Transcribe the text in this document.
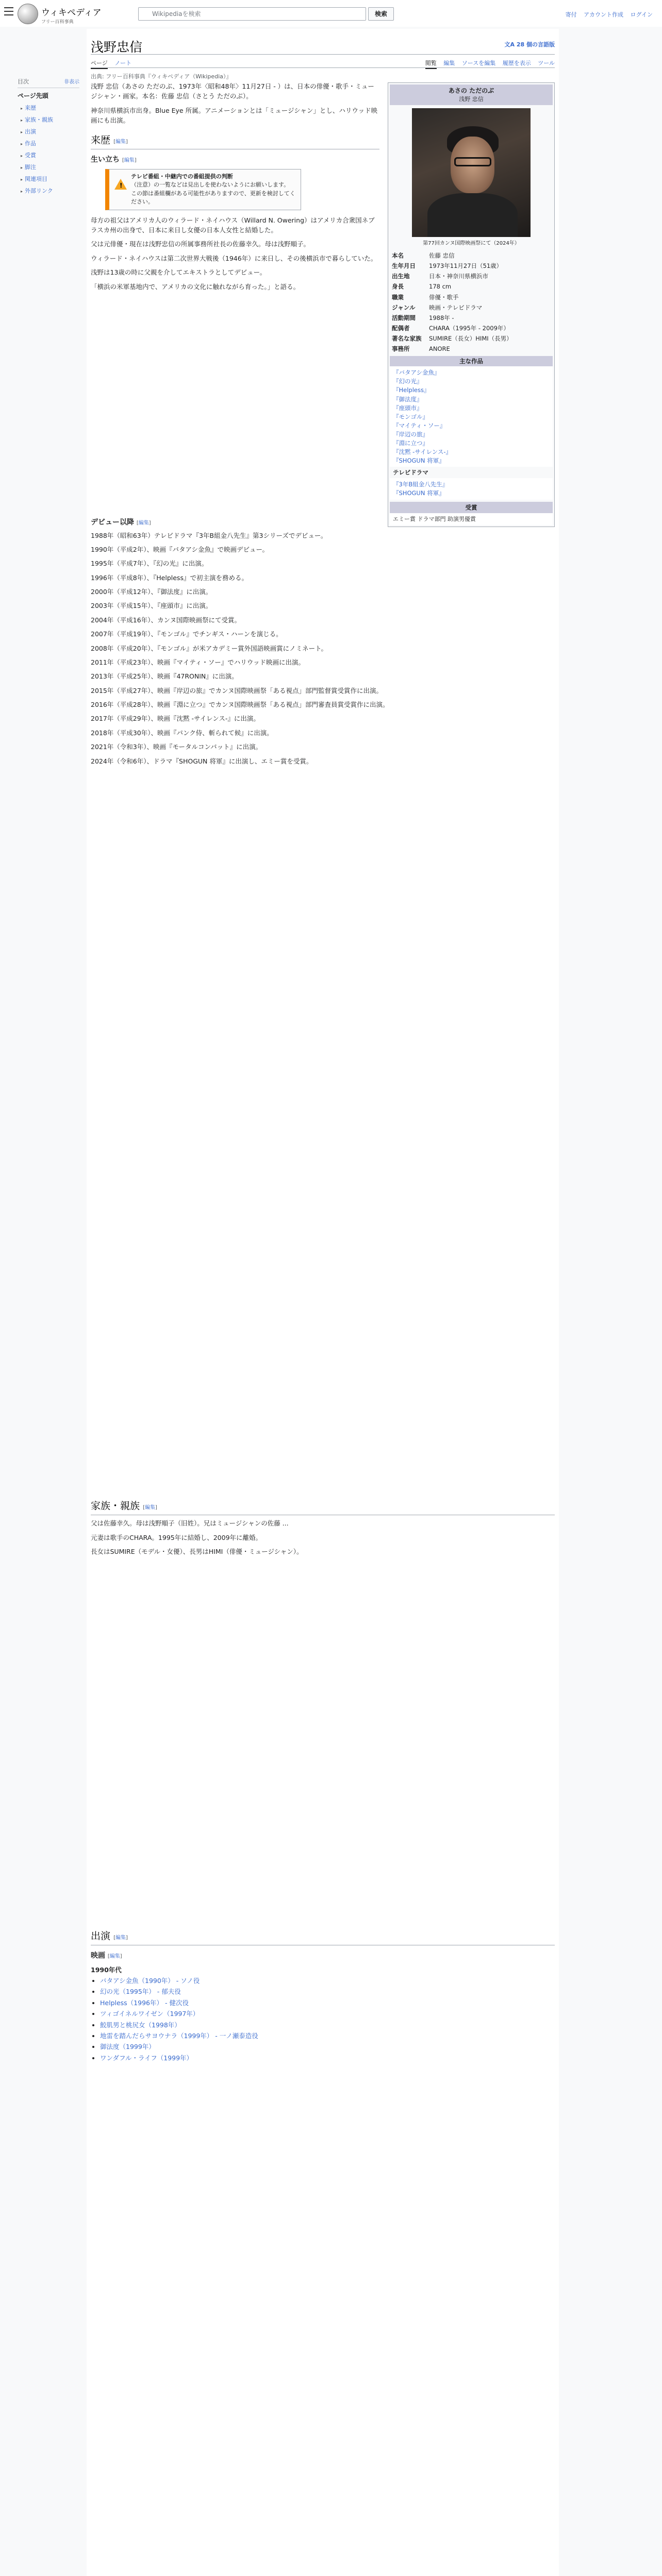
ウィキペディア
フリー百科事典
Wikipediaを検索	検索	寄付 アカウント作成 ログイン
目次	非表示
ページ先頭
▸ 来歴
▸ 家族・親族
▸ 出演
▸ 作品
▸ 受賞
▸ 脚注
▸ 関連項目
▸ 外部リンク
浅野忠信	文A 28 個の言語版
ページ ノート	閲覧 編集 ソースを編集 履歴を表示 ツール
出典: フリー百科事典『ウィキペディア（Wikipedia）』
あさの ただのぶ
浅野 忠信
第77回カンヌ国際映画祭にて（2024年）
本名	佐藤 忠信
生年月日	1973年11月27日（51歳）
出生地	日本・神奈川県横浜市
身長	178 cm
職業	俳優・歌手
ジャンル	映画・テレビドラマ
活動期間	1988年 -
配偶者	CHARA（1995年 - 2009年）
著名な家族	SUMIRE（長女）HIMI（長男）
事務所	ANORE
主な作品
『バタアシ金魚』
『幻の光』
『Helpless』
『御法度』
『座頭市』
『モンゴル』
『マイティ・ソー』
『岸辺の旅』
『淵に立つ』
『沈黙 -サイレンス-』
『SHOGUN 将軍』
テレビドラマ
『3年B組金八先生』
『SHOGUN 将軍』
受賞
エミー賞 ドラマ部門 助演男優賞

浅野 忠信（あさの ただのぶ、1973年〈昭和48年〉11月27日 - ）は、日本の俳優・歌手・ミュージシャン・画家。本名：佐藤 忠信（さとう ただのぶ）。

神奈川県横浜市出身。Blue Eye 所属。アニメーションとは「ミュージシャン」とし、ハリウッド映画にも出演。

来歴 [編集]
生い立ち [編集]
!
テレビ番組・中継内での番組提供の判断
（注意）の一覧などは見出しを使わないようにお願いします。
この節は番組欄がある可能性がありますので、更新を検討してください。

母方の祖父はアメリカ人のウィラード・ネイハウス（Willard N. Owering）はアメリカ合衆国ネブラスカ州の出身で、日本に来日し女優の日本人女性と結婚した。

父は元俳優・現在は浅野忠信の所属事務所社長の佐藤幸久。母は浅野順子。

ウィラード・ネイハウスは第二次世界大戦後（1946年）に来日し、その後横浜市で暮らしていた。

浅野は13歳の時に父親を介してエキストラとしてデビュー。

「横浜の米軍基地内で、アメリカの文化に触れながら育った。」と語る。

デビュー以降 [編集]

1988年（昭和63年）テレビドラマ『3年B組金八先生』第3シリーズでデビュー。

1990年（平成2年）、映画『バタアシ金魚』で映画デビュー。

1995年（平成7年）、『幻の光』に出演。

1996年（平成8年）、『Helpless』で初主演を務める。

2000年（平成12年）、『御法度』に出演。

2003年（平成15年）、『座頭市』に出演。

2004年（平成16年）、カンヌ国際映画祭にて受賞。

2007年（平成19年）、『モンゴル』でチンギス・ハーンを演じる。

2008年（平成20年）、『モンゴル』が米アカデミー賞外国語映画賞にノミネート。

2011年（平成23年）、映画『マイティ・ソー』でハリウッド映画に出演。

2013年（平成25年）、映画『47RONIN』に出演。

2015年（平成27年）、映画『岸辺の旅』でカンヌ国際映画祭「ある視点」部門監督賞受賞作に出演。

2016年（平成28年）、映画『淵に立つ』でカンヌ国際映画祭「ある視点」部門審査員賞受賞作に出演。

2017年（平成29年）、映画『沈黙 -サイレンス-』に出演。

2018年（平成30年）、映画『パンク侍、斬られて候』に出演。

2021年（令和3年）、映画『モータルコンバット』に出演。

2024年（令和6年）、ドラマ『SHOGUN 将軍』に出演し、エミー賞を受賞。

家族・親族 [編集]

父は佐藤幸久。母は浅野順子（旧姓）。兄はミュージシャンの佐藤 ...

元妻は歌手のCHARA。1995年に結婚し、2009年に離婚。

長女はSUMIRE（モデル・女優）、長男はHIMI（俳優・ミュージシャン）。

出演 [編集]
映画 [編集]
1990年代
• バタアシ金魚（1990年） - ソノ役
• 幻の光（1995年） - 郁夫役
• Helpless（1996年） - 健次役
• ツィゴイネルワイゼン（1997年）
• 鮫肌男と桃尻女（1998年）
• 地雷を踏んだらサヨウナラ（1999年） - 一ノ瀬泰造役
• 御法度（1999年）
• ワンダフル・ライフ（1999年）
